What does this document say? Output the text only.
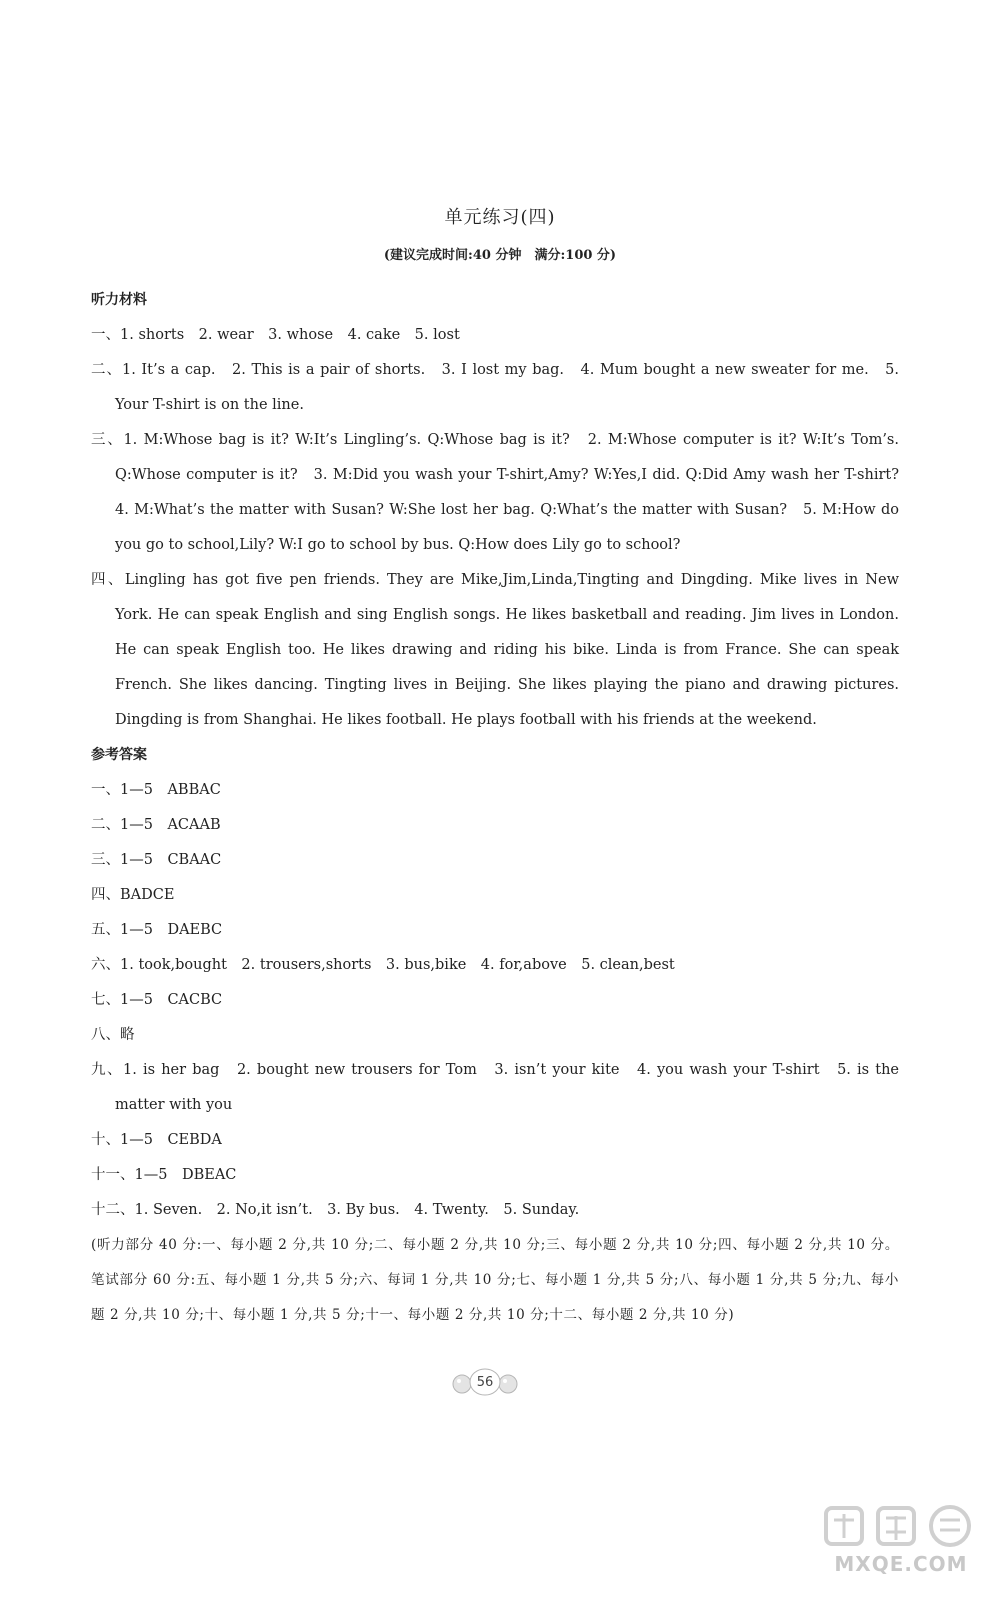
单元练习(四)
(建议完成时间:40 分钟　满分:100 分)
听力材料

一、1. shorts　2. wear　3. whose　4. cake　5. lost

二、1. It’s a cap.　2. This is a pair of shorts.　3. I lost my bag.　4. Mum bought a new sweater for me.　5. Your T-shirt is on the line.

三、1. M:Whose bag is it? W:It’s Lingling’s. Q:Whose bag is it?　2. M:Whose computer is it? W:It’s Tom’s. Q:Whose computer is it?　3. M:Did you wash your T-shirt,Amy? W:Yes,I did. Q:Did Amy wash her T-shirt?　4. M:What’s the matter with Susan? W:She lost her bag. Q:What’s the matter with Susan?　5. M:How do you go to school,Lily? W:I go to school by bus. Q:How does Lily go to school?

四、Lingling has got five pen friends. They are Mike,Jim,Linda,Tingting and Dingding. Mike lives in New York. He can speak English and sing English songs. He likes basketball and reading. Jim lives in London. He can speak English too. He likes drawing and riding his bike. Linda is from France. She can speak French. She likes dancing. Tingting lives in Beijing. She likes playing the piano and drawing pictures. Dingding is from Shanghai. He likes football. He plays football with his friends at the weekend.

参考答案

一、1—5　ABBAC

二、1—5　ACAAB

三、1—5　CBAAC

四、BADCE

五、1—5　DAEBC

六、1. took,bought　2. trousers,shorts　3. bus,bike　4. for,above　5. clean,best

七、1—5　CACBC

八、略

九、1. is her bag　2. bought new trousers for Tom　3. isn’t your kite　4. you wash your T-shirt　5. is the matter with you

十、1—5　CEBDA

十一、1—5　DBEAC

十二、1. Seven.　2. No,it isn’t.　3. By bus.　4. Twenty.　5. Sunday.

(听力部分 40 分:一、每小题 2 分,共 10 分;二、每小题 2 分,共 10 分;三、每小题 2 分,共 10 分;四、每小题 2 分,共 10 分。笔试部分 60 分:五、每小题 1 分,共 5 分;六、每词 1 分,共 10 分;七、每小题 1 分,共 5 分;八、每小题 1 分,共 5 分;九、每小题 2 分,共 10 分;十、每小题 1 分,共 5 分;十一、每小题 2 分,共 10 分;十二、每小题 2 分,共 10 分)

56
MXQE.COM
